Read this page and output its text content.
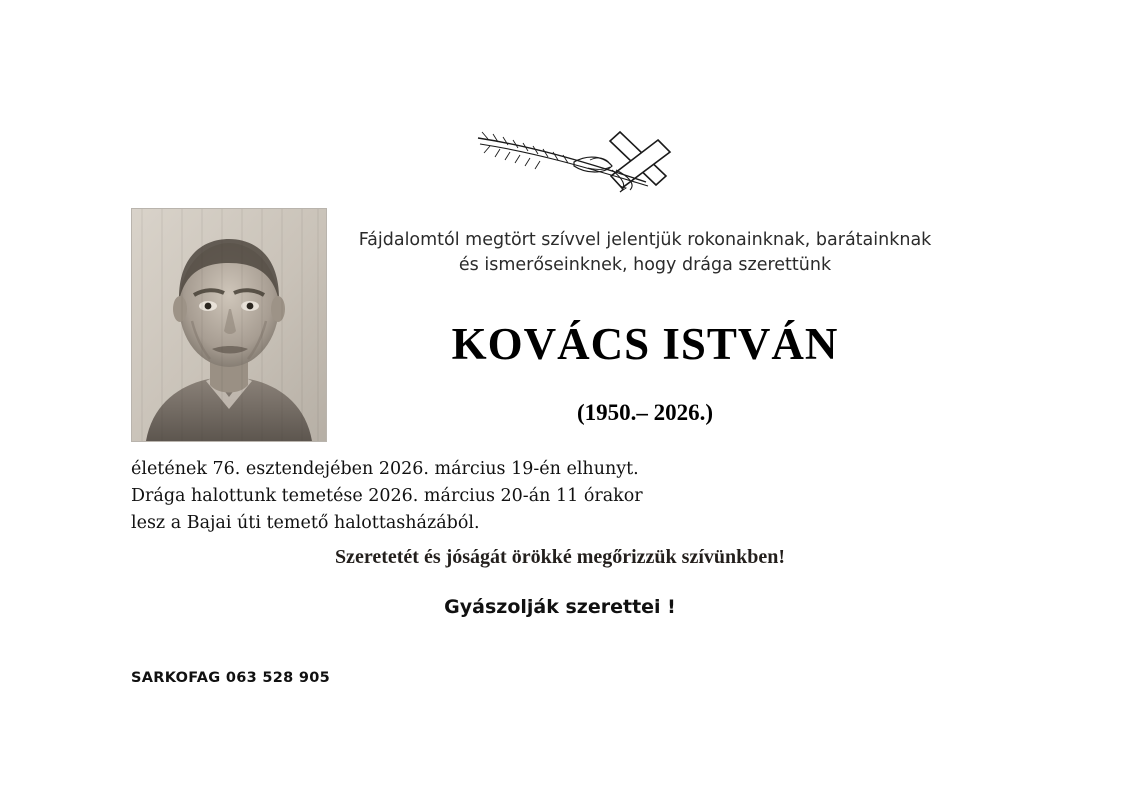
Fájdalomtól megtört szívvel jelentjük rokonainknak, barátainknak
és ismerőseinknek, hogy drága szerettünk
KOVÁCS ISTVÁN
(1950.– 2026.)
életének 76. esztendejében 2026. március 19-én elhunyt.
Drága halottunk temetése 2026. március 20-án 11 órakor
lesz a Bajai úti temető halottasházából.
Szeretetét és jóságát örökké megőrizzük szívünkben!
Gyászolják szerettei !
SARKOFAG 063 528 905
